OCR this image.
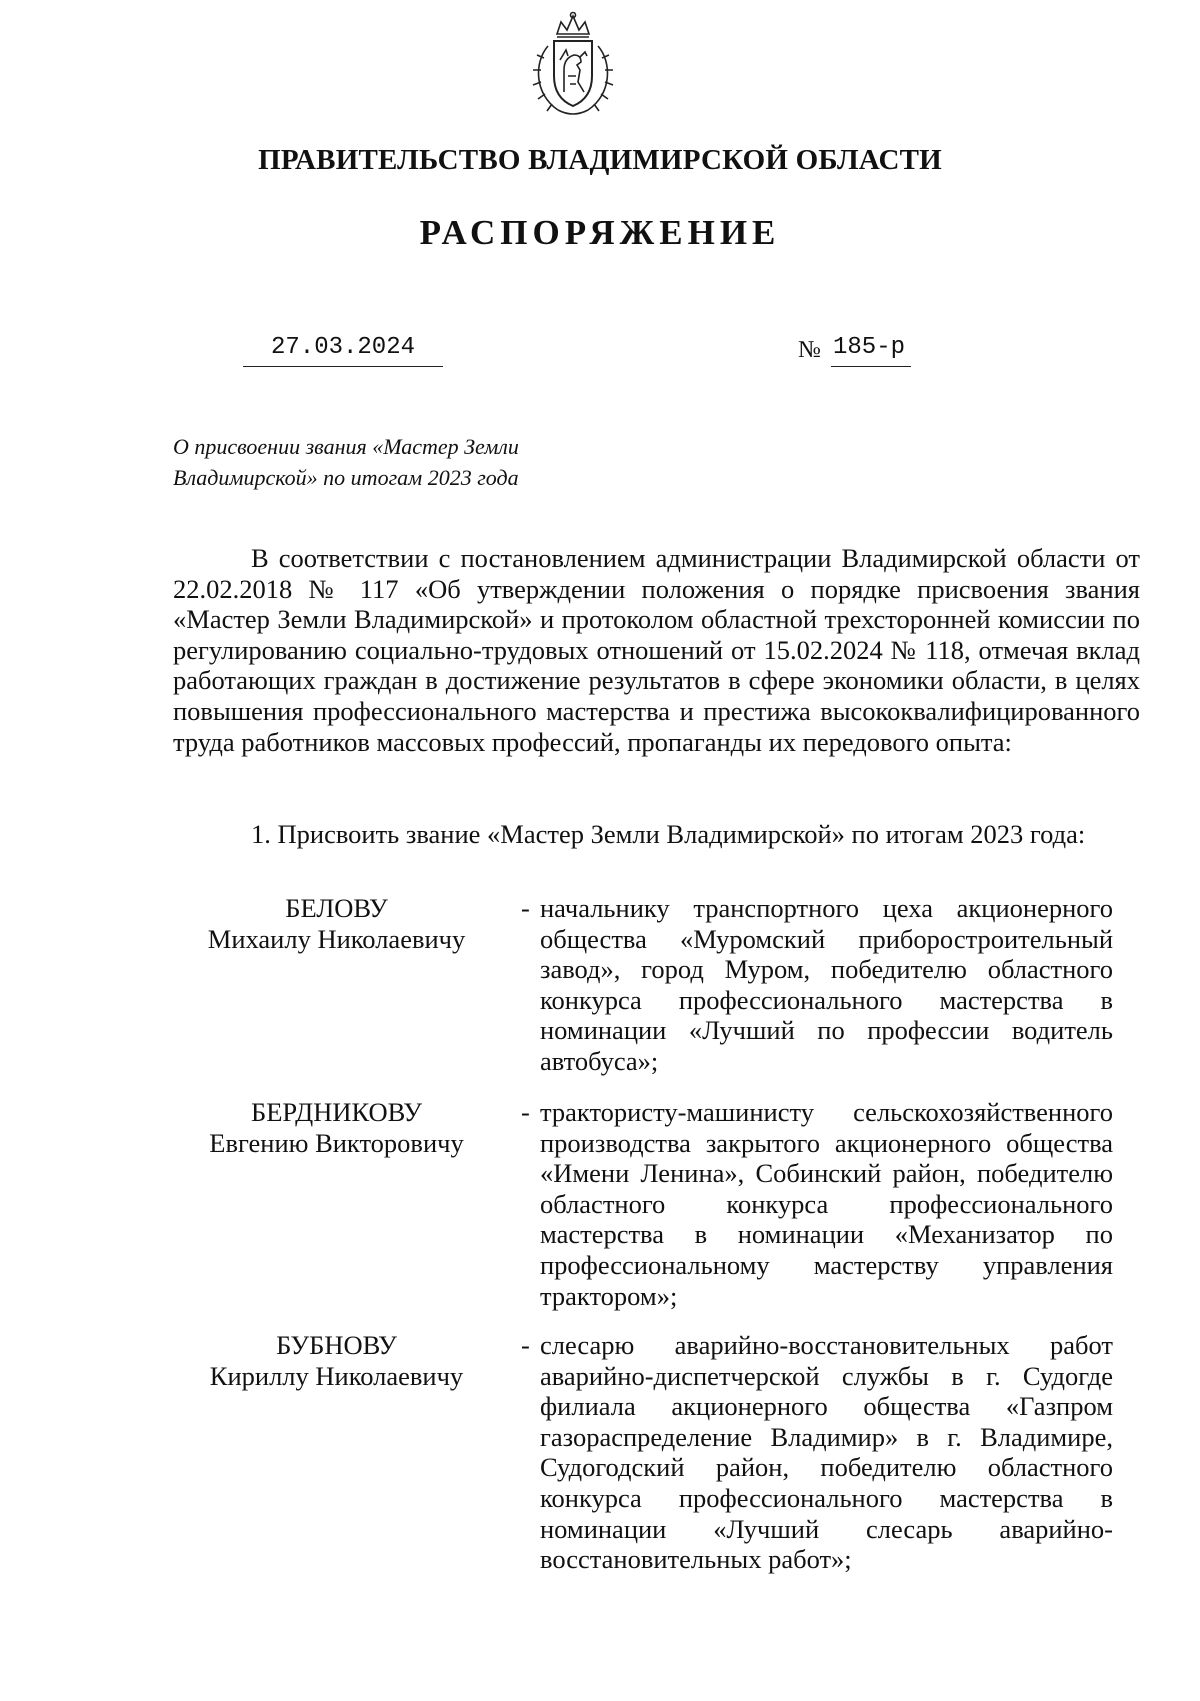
ПРАВИТЕЛЬСТВО ВЛАДИМИРСКОЙ ОБЛАСТИ
РАСПОРЯЖЕНИЕ
27.03.2024	№ 185-р
О присвоении звания «Мастер Земли
Владимирской» по итогам 2023 года
В соответствии с постановлением администрации Владимирской области от 22.02.2018 № 117 «Об утверждении положения о порядке присвоения звания «Мастер Земли Владимирской» и протоколом областной трехсторонней комиссии по регулированию социально-трудовых отношений от 15.02.2024 № 118, отмечая вклад работающих граждан в достижение результатов в сфере экономики области, в целях повышения профессионального мастерства и престижа высококвалифицированного труда работников массовых профессий, пропаганды их передового опыта:
1. Присвоить звание «Мастер Земли Владимирской» по итогам 2023 года:
БЕЛОВУ
Михаилу Николаевичу
- начальнику транспортного цеха акционерного общества «Муромский приборостроительный завод», город Муром, победителю областного конкурса профессионального мастерства в номинации «Лучший по профессии водитель автобуса»;
БЕРДНИКОВУ
Евгению Викторовичу
- трактористу-машинисту сельскохозяйственного производства закрытого акционерного общества «Имени Ленина», Собинский район, победителю областного конкурса профессионального мастерства в номинации «Механизатор по профессиональному мастерству управления трактором»;
БУБНОВУ
Кириллу Николаевичу
- слесарю аварийно-восстановительных работ аварийно-диспетчерской службы в г. Судогде филиала акционерного общества «Газпром газораспределение Владимир» в г. Владимире, Судогодский район, победителю областного конкурса профессионального мастерства в номинации «Лучший слесарь аварийно-восстановительных работ»;
